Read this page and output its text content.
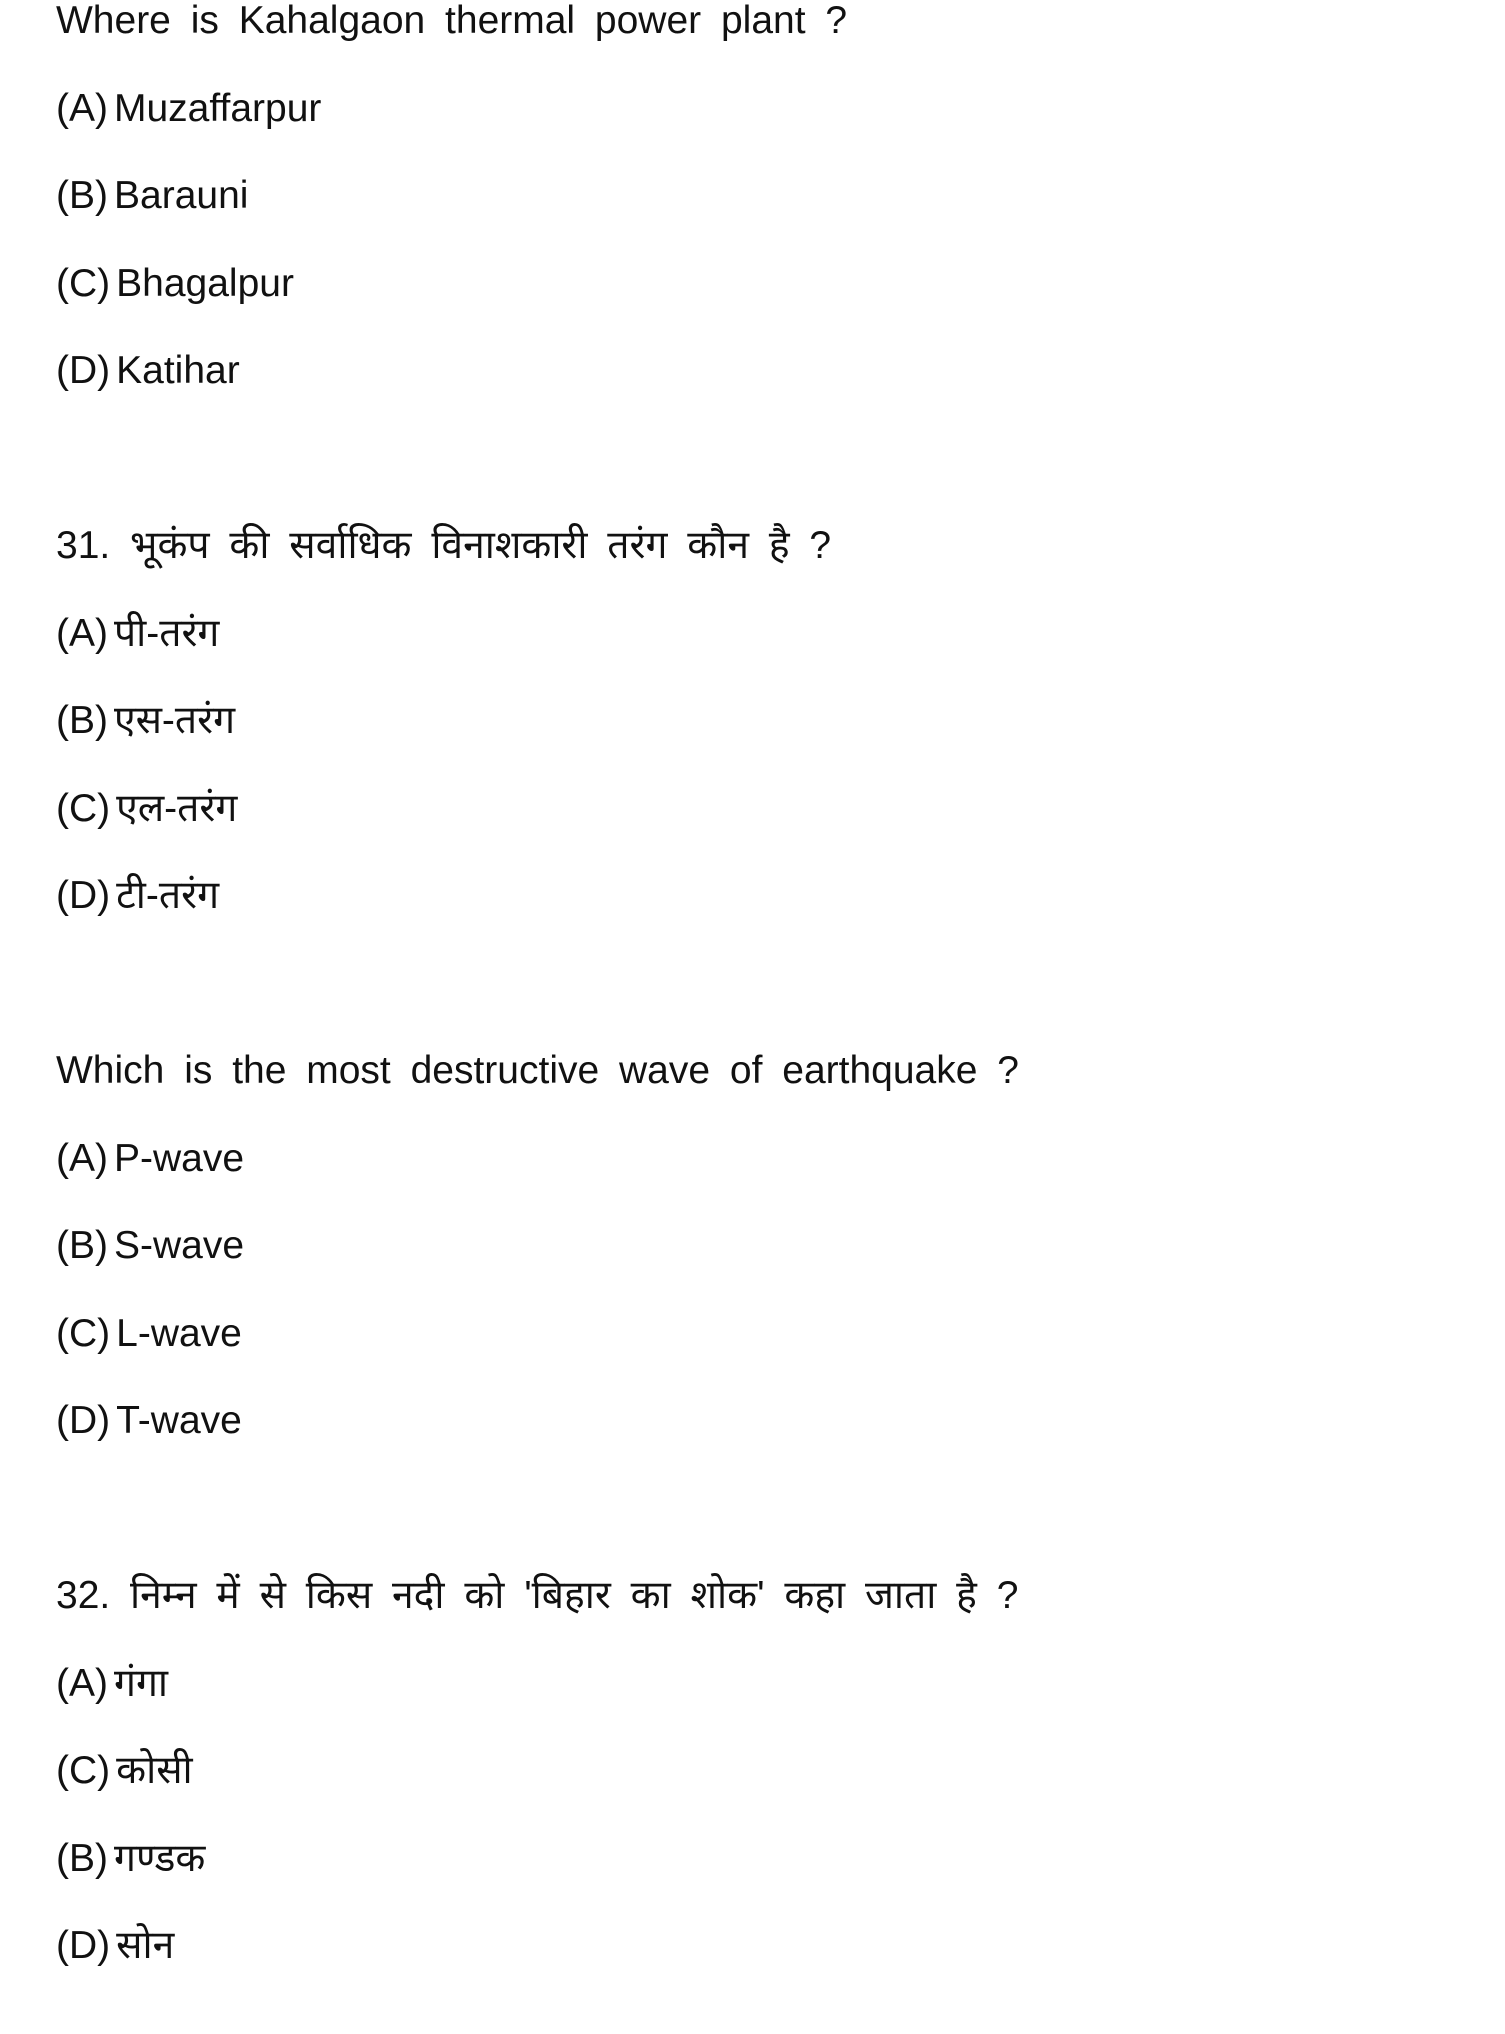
Where is Kahalgaon thermal power plant ?
(A) Muzaffarpur
(B) Barauni
(C) Bhagalpur
(D) Katihar
31. भूकंप की सर्वाधिक विनाशकारी तरंग कौन है ?
(A) पी-तरंग
(B) एस-तरंग
(C) एल-तरंग
(D) टी-तरंग
Which is the most destructive wave of earthquake ?
(A) P-wave
(B) S-wave
(C) L-wave
(D) T-wave
32. निम्न में से किस नदी को 'बिहार का शोक' कहा जाता है ?
(A) गंगा
(C) कोसी
(B) गण्डक
(D) सोन
